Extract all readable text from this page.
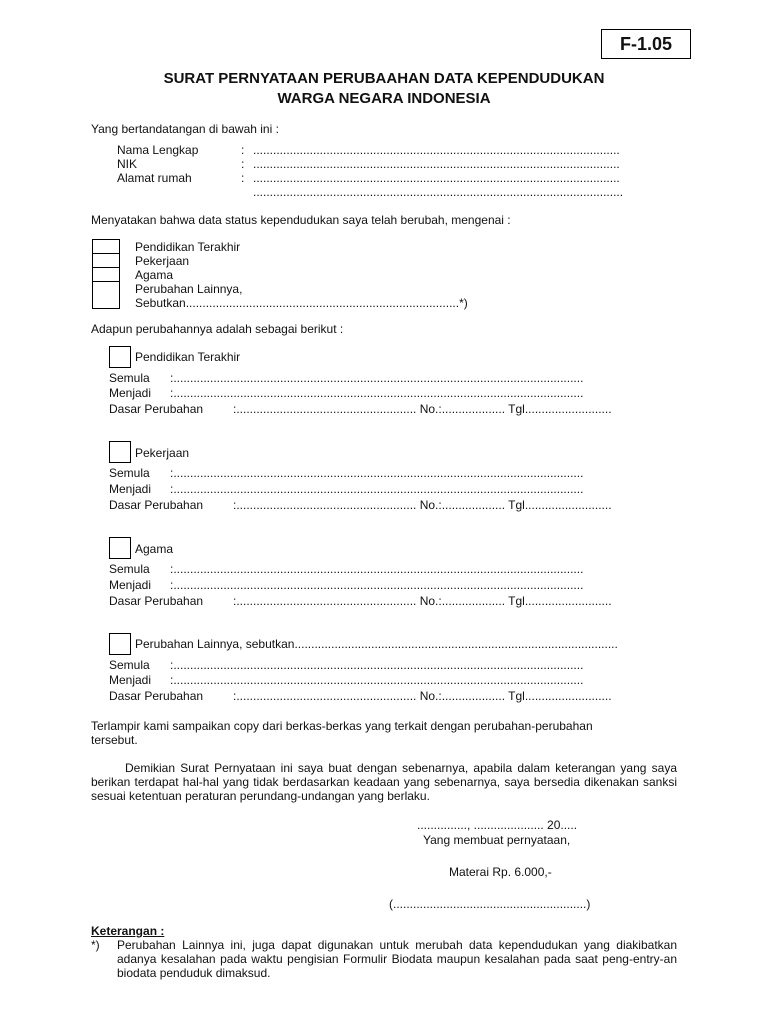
F-1.05
SURAT PERNYATAAN PERUBAAHAN DATA KEPENDUDUKAN
WARGA NEGARA INDONESIA
Yang bertandatangan di bawah ini :
Nama Lengkap	: ..............................................................................................................
NIK	: ..............................................................................................................
Alamat rumah	: ..............................................................................................................
...............................................................................................................
Menyatakan bahwa data status kependudukan saya telah berubah, mengenai :
Pendidikan Terakhir
Pekerjaan
Agama
Perubahan Lainnya,
Sebutkan..................................................................................*)
Adapun perubahannya adalah sebagai berikut :
Pendidikan Terakhir
Semula :...........................................................................................................................
Menjadi :...........................................................................................................................
Dasar Perubahan :...................................................... No.:................... Tgl..........................
Pekerjaan
Semula :...........................................................................................................................
Menjadi :...........................................................................................................................
Dasar Perubahan :...................................................... No.:................... Tgl..........................
Agama
Semula :...........................................................................................................................
Menjadi :...........................................................................................................................
Dasar Perubahan :...................................................... No.:................... Tgl..........................
Perubahan Lainnya, sebutkan.................................................................................................
Semula :...........................................................................................................................
Menjadi :...........................................................................................................................
Dasar Perubahan :...................................................... No.:................... Tgl..........................
Terlampir kami sampaikan copy dari berkas-berkas yang terkait dengan perubahan-perubahan
tersebut.
Demikian Surat Pernyataan ini saya buat dengan sebenarnya, apabila dalam keterangan yang saya berikan terdapat hal-hal yang tidak berdasarkan keadaan yang sebenarnya, saya bersedia dikenakan sanksi sesuai ketentuan peraturan perundang-undangan yang berlaku.
..............., ..................... 20.....
Yang membuat pernyataan,
Materai Rp. 6.000,-
(..........................................................)
Keterangan :
*) Perubahan Lainnya ini, juga dapat digunakan untuk merubah data kependudukan yang diakibatkan adanya kesalahan pada waktu pengisian Formulir Biodata maupun kesalahan pada saat peng-entry-an biodata penduduk dimaksud.
